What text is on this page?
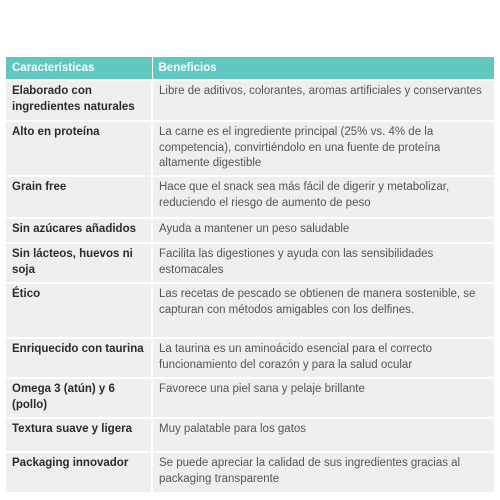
Características	Beneficios
Elaborado con ingredientes naturales	Libre de aditivos, colorantes, aromas artificiales y conservantes
Alto en proteína	La carne es el ingrediente principal (25% vs. 4% de la competencia), convirtiéndolo en una fuente de proteína altamente digestible
Grain free	Hace que el snack sea más fácil de digerir y metabolizar, reduciendo el riesgo de aumento de peso
Sin azúcares añadidos	Ayuda a mantener un peso saludable
Sin lácteos, huevos ni soja	Facilita las digestiones y ayuda con las sensibilidades estomacales
Ético	Las recetas de pescado se obtienen de manera sostenible, se capturan con métodos amigables con los delfines.
Enriquecido con taurina	La taurina es un aminoácido esencial para el correcto funcionamiento del corazón y para la salud ocular
Omega 3 (atún) y 6 (pollo)	Favorece una piel sana y pelaje brillante
Textura suave y ligera	Muy palatable para los gatos
Packaging innovador	Se puede apreciar la calidad de sus ingredientes gracias al packaging transparente
